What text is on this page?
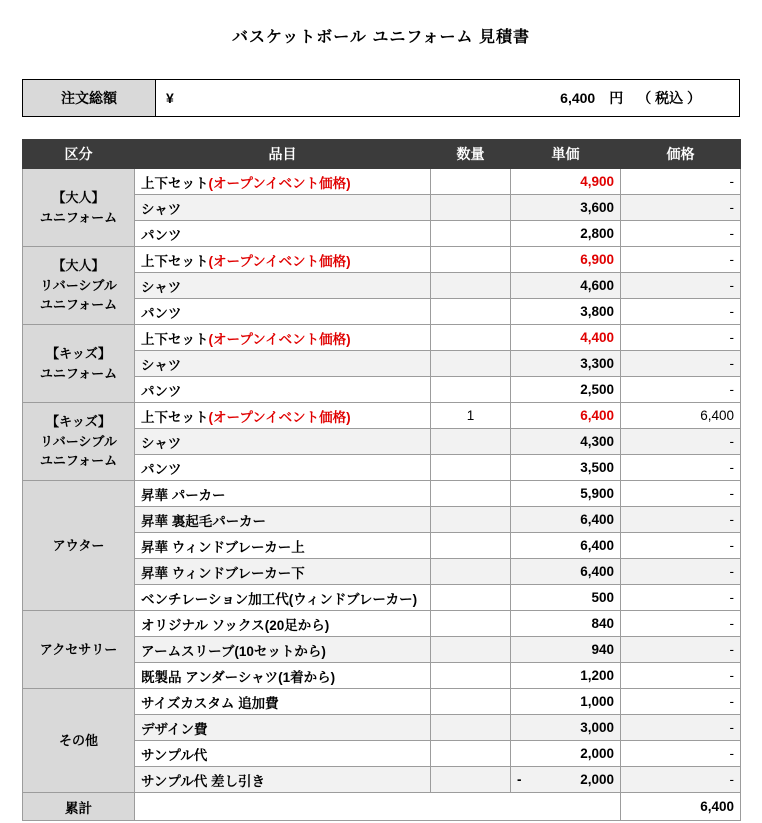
バスケットボール ユニフォーム 見積書
注文総額	¥	6,400 円 （ 税込 ）
区分	品目	数量	単価	価格
【大人】
ユニフォーム	上下セット(オープンイベント価格)		4,900	-
	シャツ		3,600	-
	パンツ		2,800	-
【大人】
リバーシブル
ユニフォーム	上下セット(オープンイベント価格)		6,900	-
	シャツ		4,600	-
	パンツ		3,800	-
【キッズ】
ユニフォーム	上下セット(オープンイベント価格)		4,400	-
	シャツ		3,300	-
	パンツ		2,500	-
【キッズ】
リバーシブル
ユニフォーム	上下セット(オープンイベント価格)	1	6,400	6,400
	シャツ		4,300	-
	パンツ		3,500	-
アウター	昇華 パーカー		5,900	-
	昇華 裏起毛パーカー		6,400	-
	昇華 ウィンドブレーカー上		6,400	-
	昇華 ウィンドブレーカー下		6,400	-
	ベンチレーション加工代(ウィンドブレーカー)		500	-
アクセサリー	オリジナル ソックス(20足から)		840	-
	アームスリーブ(10セットから)		940	-
	既製品 アンダーシャツ(1着から)		1,200	-
その他	サイズカスタム 追加費		1,000	-
	デザイン費		3,000	-
	サンプル代		2,000	-
	サンプル代 差し引き		- 2,000	-
累計				6,400
